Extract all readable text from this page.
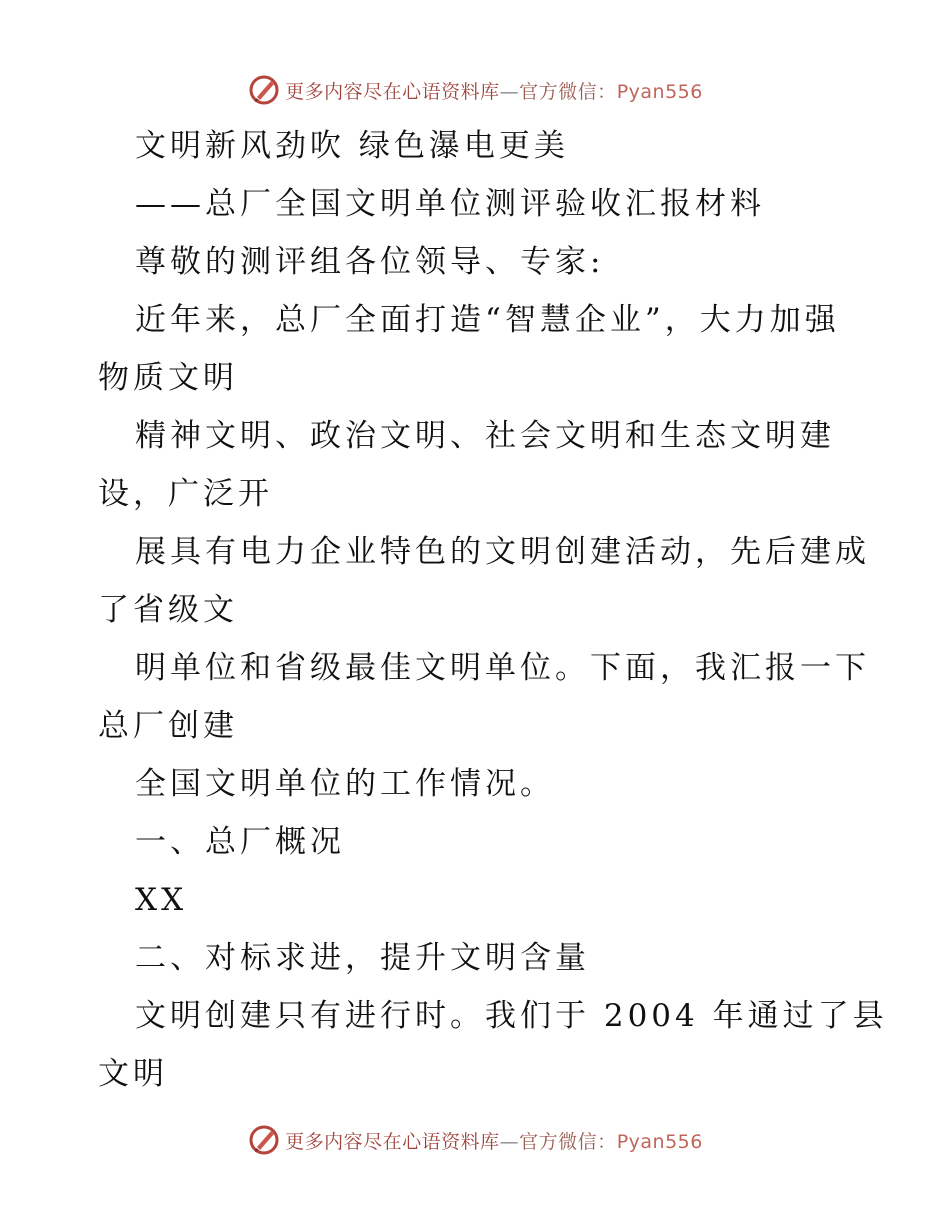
更多内容尽在心语资料库—官方微信：Pyan556
文明新风劲吹 绿色瀑电更美
——总厂全国文明单位测评验收汇报材料
尊敬的测评组各位领导、专家:
近年来，总厂全面打造“智慧企业”，大力加强
物质文明
精神文明、政治文明、社会文明和生态文明建
设，广泛开
展具有电力企业特色的文明创建活动，先后建成
了省级文
明单位和省级最佳文明单位。下面，我汇报一下
总厂创建
全国文明单位的工作情况。
一、总厂概况
XX
二、对标求进，提升文明含量
文明创建只有进行时。我们于 2004 年通过了县
文明
更多内容尽在心语资料库—官方微信：Pyan556
